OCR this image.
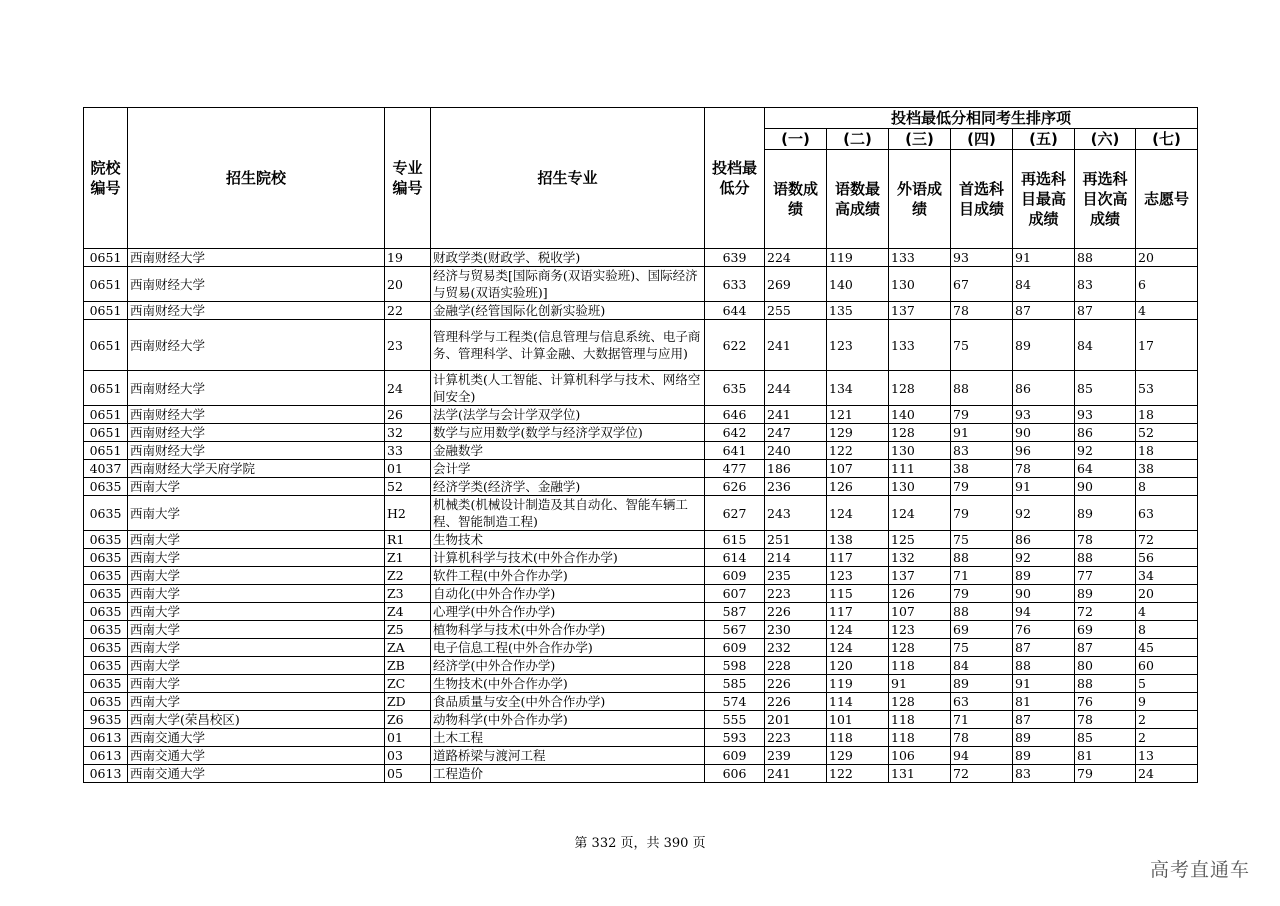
院校编号	招生院校	专业编号	招生专业	投档最低分	投档最低分相同考生排序项						
					(一)	(二)	(三)	(四)	(五)	(六)	(七)
					语数成绩	语数最高成绩	外语成绩	首选科目成绩	再选科目最高成绩	再选科目次高成绩	志愿号
0651	西南财经大学	19	财政学类(财政学、税收学)	639	224	119	133	93	91	88	20
0651	西南财经大学	20	经济与贸易类[国际商务(双语实验班)、国际经济与贸易(双语实验班)]	633	269	140	130	67	84	83	6
0651	西南财经大学	22	金融学(经管国际化创新实验班)	644	255	135	137	78	87	87	4
0651	西南财经大学	23	管理科学与工程类(信息管理与信息系统、电子商务、管理科学、计算金融、大数据管理与应用)	622	241	123	133	75	89	84	17
0651	西南财经大学	24	计算机类(人工智能、计算机科学与技术、网络空间安全)	635	244	134	128	88	86	85	53
0651	西南财经大学	26	法学(法学与会计学双学位)	646	241	121	140	79	93	93	18
0651	西南财经大学	32	数学与应用数学(数学与经济学双学位)	642	247	129	128	91	90	86	52
0651	西南财经大学	33	金融数学	641	240	122	130	83	96	92	18
4037	西南财经大学天府学院	01	会计学	477	186	107	111	38	78	64	38
0635	西南大学	52	经济学类(经济学、金融学)	626	236	126	130	79	91	90	8
0635	西南大学	H2	机械类(机械设计制造及其自动化、智能车辆工程、智能制造工程)	627	243	124	124	79	92	89	63
0635	西南大学	R1	生物技术	615	251	138	125	75	86	78	72
0635	西南大学	Z1	计算机科学与技术(中外合作办学)	614	214	117	132	88	92	88	56
0635	西南大学	Z2	软件工程(中外合作办学)	609	235	123	137	71	89	77	34
0635	西南大学	Z3	自动化(中外合作办学)	607	223	115	126	79	90	89	20
0635	西南大学	Z4	心理学(中外合作办学)	587	226	117	107	88	94	72	4
0635	西南大学	Z5	植物科学与技术(中外合作办学)	567	230	124	123	69	76	69	8
0635	西南大学	ZA	电子信息工程(中外合作办学)	609	232	124	128	75	87	87	45
0635	西南大学	ZB	经济学(中外合作办学)	598	228	120	118	84	88	80	60
0635	西南大学	ZC	生物技术(中外合作办学)	585	226	119	91	89	91	88	5
0635	西南大学	ZD	食品质量与安全(中外合作办学)	574	226	114	128	63	81	76	9
9635	西南大学(荣昌校区)	Z6	动物科学(中外合作办学)	555	201	101	118	71	87	78	2
0613	西南交通大学	01	土木工程	593	223	118	118	78	89	85	2
0613	西南交通大学	03	道路桥梁与渡河工程	609	239	129	106	94	89	81	13
0613	西南交通大学	05	工程造价	606	241	122	131	72	83	79	24
第 332 页，共 390 页
高考直通车
